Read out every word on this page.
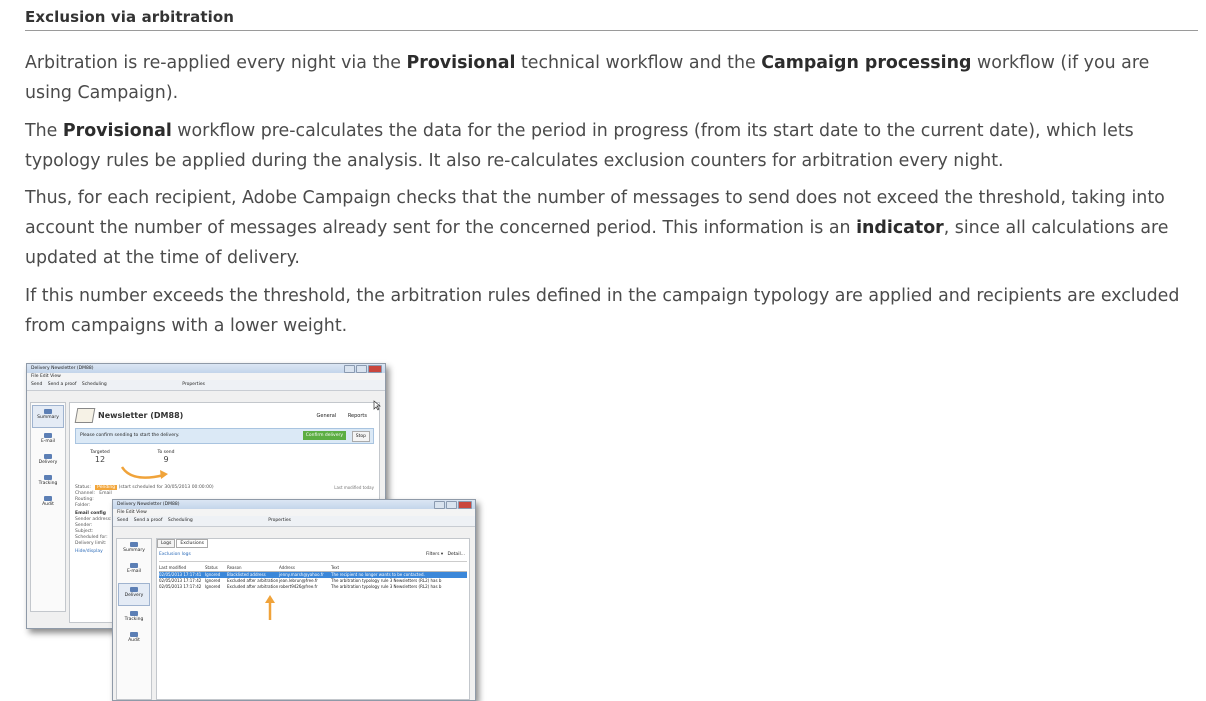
Exclusion via arbitration

Arbitration is re-applied every night via the Provisional technical workflow and the Campaign processing workflow (if you are using Campaign).

The Provisional workflow pre-calculates the data for the period in progress (from its start date to the current date), which lets typology rules be applied during the analysis. It also re-calculates exclusion counters for arbitration every night.

Thus, for each recipient, Adobe Campaign checks that the number of messages to send does not exceed the threshold, taking into account the number of messages already sent for the concerned period. This information is an indicator, since all calculations are updated at the time of delivery.

If this number exceeds the threshold, the arbitration rules defined in the campaign typology are applied and recipients are excluded from campaigns with a lower weight.

Delivery Newsletter (DM88)
File Edit View
Send Send a proof Scheduling	Properties
Summary
E-mail
Delivery
Tracking
Audit
Newsletter (DM88)	General Reports
Please confirm sending to start the delivery.	Confirm delivery	Stop
Targeted
12
To send
9
Status: Pending (start scheduled for 30/05/2013 00:00:00)
Channel: Email
Routing:
Folder:
Email config
Sender address:
Sender:
Subject:
Scheduled for:
Delivery limit:
Hide/display
Last modified today
Delivery Newsletter (DM88)
File Edit View
Send Send a proof Scheduling	Properties
Summary
E-mail
Delivery
Tracking
Audit
Logs Exclusions
Exclusion logs	Filters ▾   Detail...
Last modified	Status	Reason	Address	Text
02/05/2013 17:17:41 Ignored	Blacklisted address	jenny.marsh@yahoo.fr	The recipient no longer wants to be contacted.
02/05/2013 17:17:42 Ignored	Excluded after arbitration jean.lebrun@free.fr	The arbitration typology rule 3 Newsletters (RL2) has b
02/05/2013 17:17:42 Ignored	Excluded after arbitration robert9426@free.fr	The arbitration typology rule 3 Newsletters (RL2) has b
